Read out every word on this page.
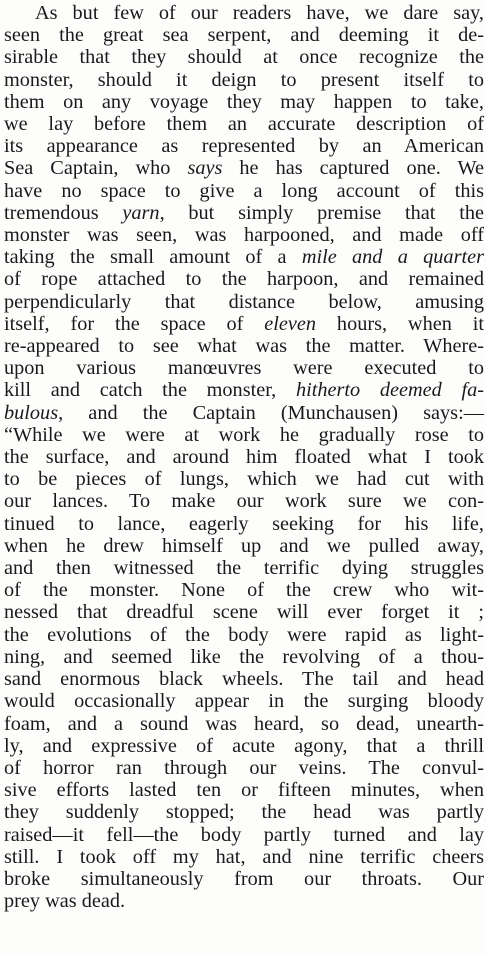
As but few of our readers have, we dare say,
seen the great sea serpent, and deeming it de-
sirable that they should at once recognize the
monster, should it deign to present itself to
them on any voyage they may happen to take,
we lay before them an accurate description of
its appearance as represented by an American
Sea Captain, who says he has captured one. We
have no space to give a long account of this
tremendous yarn, but simply premise that the
monster was seen, was harpooned, and made off
taking the small amount of a mile and a quarter
of rope attached to the harpoon, and remained
perpendicularly that distance below, amusing
itself, for the space of eleven hours, when it
re-appeared to see what was the matter. Where-
upon various manœuvres were executed to
kill and catch the monster, hitherto deemed fa-
bulous, and the Captain (Munchausen) says:—
“While we were at work he gradually rose to
the surface, and around him floated what I took
to be pieces of lungs, which we had cut with
our lances. To make our work sure we con-
tinued to lance, eagerly seeking for his life,
when he drew himself up and we pulled away,
and then witnessed the terrific dying struggles
of the monster. None of the crew who wit-
nessed that dreadful scene will ever forget it ;
the evolutions of the body were rapid as light-
ning, and seemed like the revolving of a thou-
sand enormous black wheels. The tail and head
would occasionally appear in the surging bloody
foam, and a sound was heard, so dead, unearth-
ly, and expressive of acute agony, that a thrill
of horror ran through our veins. The convul-
sive efforts lasted ten or fifteen minutes, when
they suddenly stopped; the head was partly
raised—it fell—the body partly turned and lay
still. I took off my hat, and nine terrific cheers
broke simultaneously from our throats. Our
prey was dead.
